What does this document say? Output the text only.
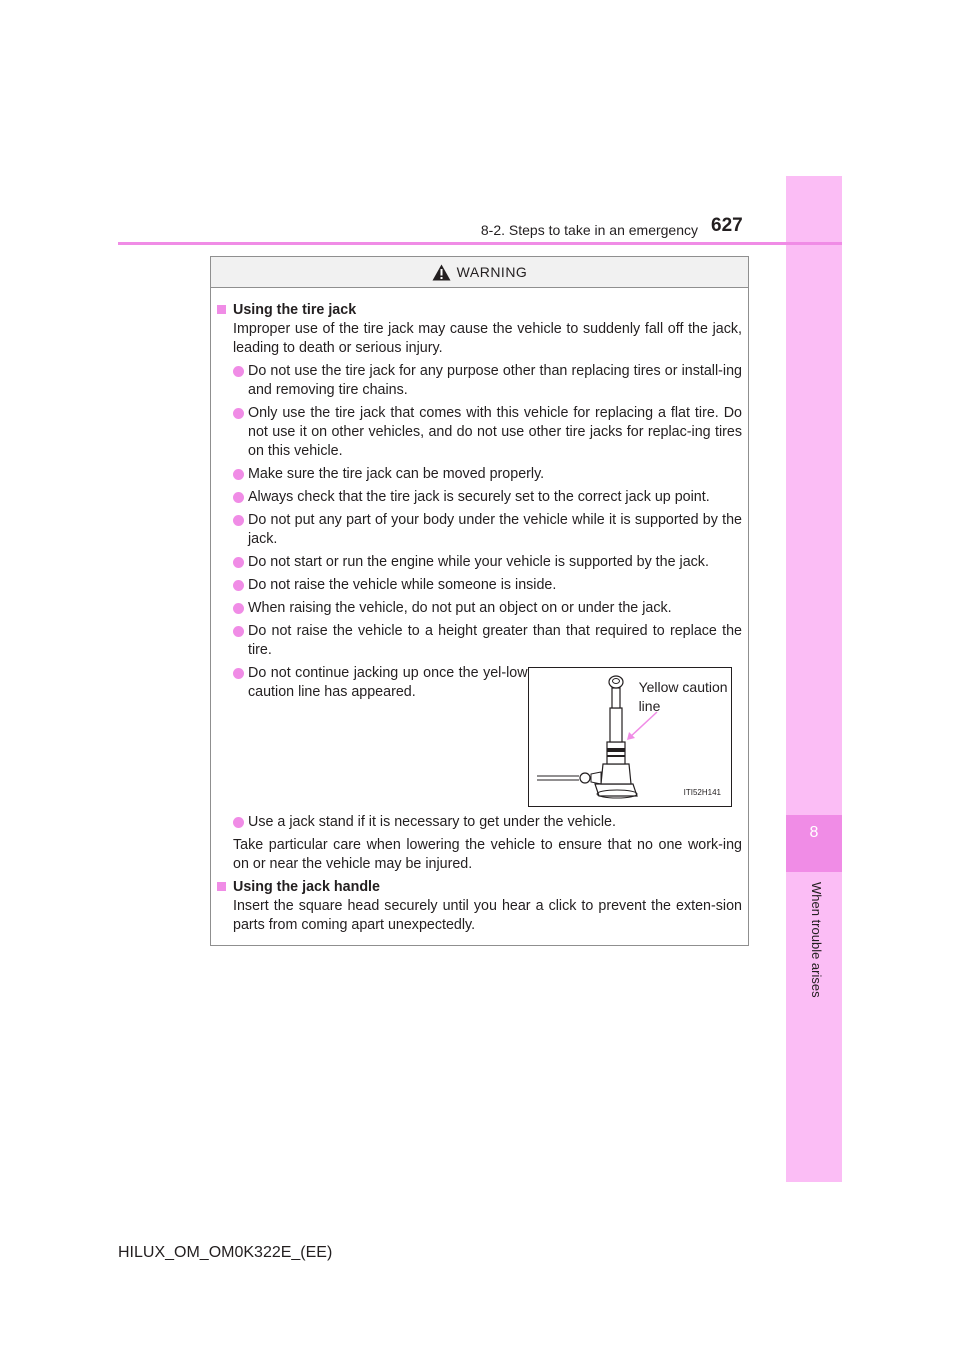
8
When trouble arises
8-2. Steps to take in an emergency 627
WARNING
Using the tire jack
Improper use of the tire jack may cause the vehicle to suddenly fall off the jack, leading to death or serious injury.
Do not use the tire jack for any purpose other than replacing tires or install-ing and removing tire chains.
Only use the tire jack that comes with this vehicle for replacing a flat tire. Do not use it on other vehicles, and do not use other tire jacks for replac-ing tires on this vehicle.
Make sure the tire jack can be moved properly.
Always check that the tire jack is securely set to the correct jack up point.
Do not put any part of your body under the vehicle while it is supported by the jack.
Do not start or run the engine while your vehicle is supported by the jack.
Do not raise the vehicle while someone is inside.
When raising the vehicle, do not put an object on or under the jack.
Do not raise the vehicle to a height greater than that required to replace the tire.
Do not continue jacking up once the yel-low caution line has appeared.	Yellow caution line
ITI52H141
Use a jack stand if it is necessary to get under the vehicle.
Take particular care when lowering the vehicle to ensure that no one work-ing on or near the vehicle may be injured.
Using the jack handle
Insert the square head securely until you hear a click to prevent the exten-sion parts from coming apart unexpectedly.
HILUX_OM_OM0K322E_(EE)
